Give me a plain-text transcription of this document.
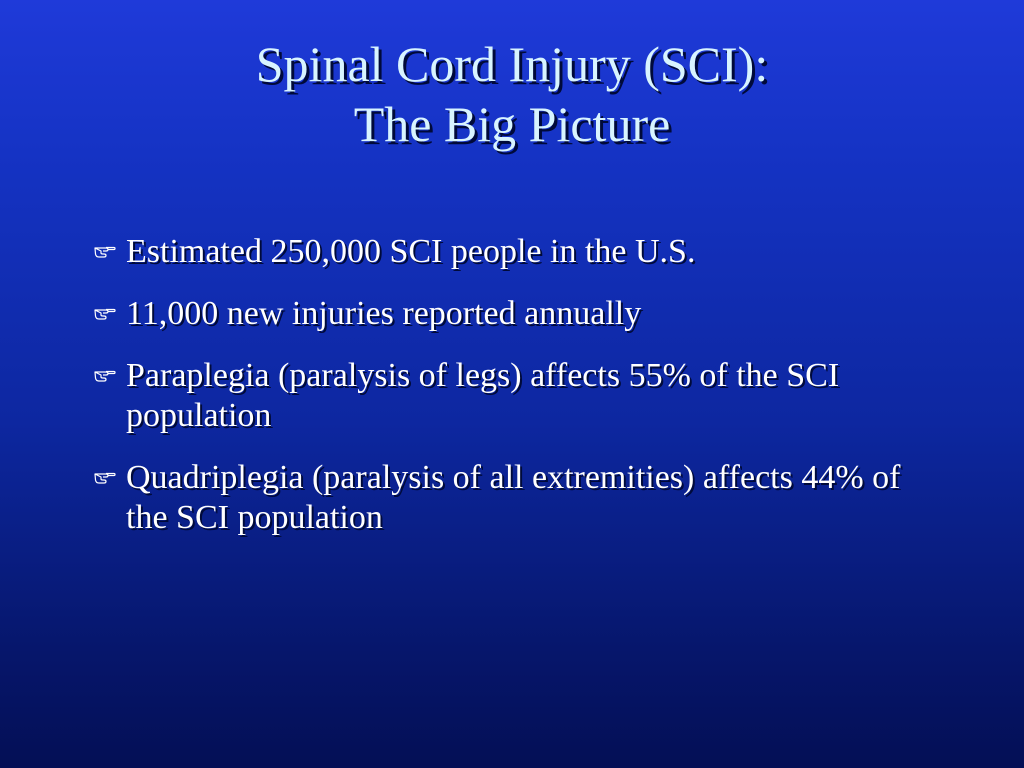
Spinal Cord Injury (SCI):
The Big Picture
Estimated 250,000 SCI people in the U.S.
11,000 new injuries reported annually
Paraplegia (paralysis of legs) affects 55% of the SCI population
Quadriplegia (paralysis of all extremities) affects 44% of the SCI population
